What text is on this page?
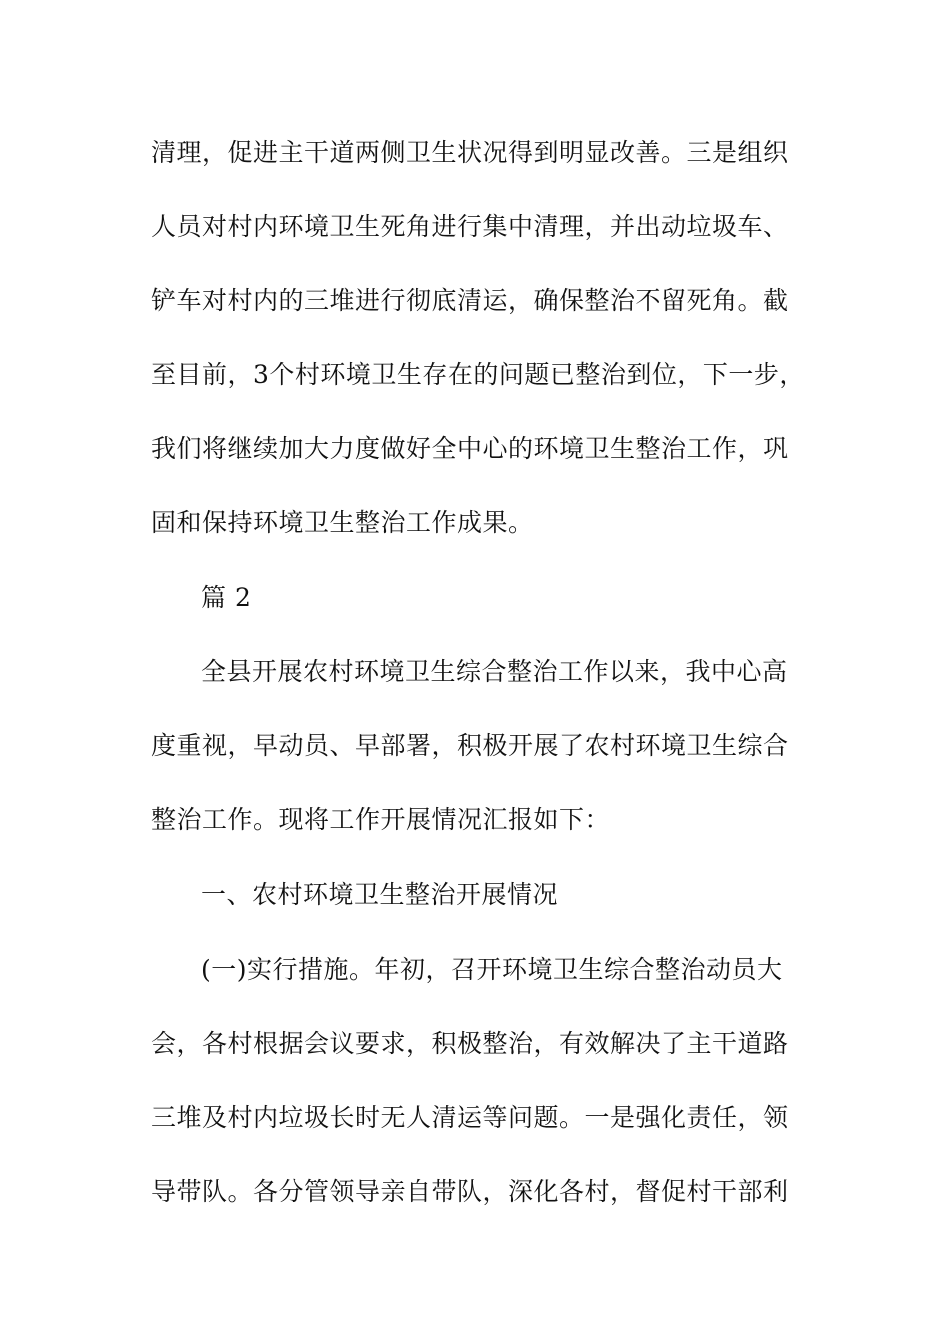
清理，促进主干道两侧卫生状况得到明显改善。三是组织
人员对村内环境卫生死角进行集中清理，并出动垃圾车、
铲车对村内的三堆进行彻底清运，确保整治不留死角。截
至目前，3个村环境卫生存在的问题已整治到位，下一步，
我们将继续加大力度做好全中心的环境卫生整治工作，巩
固和保持环境卫生整治工作成果。
篇 2
全县开展农村环境卫生综合整治工作以来，我中心高
度重视，早动员、早部署，积极开展了农村环境卫生综合
整治工作。现将工作开展情况汇报如下：
一、农村环境卫生整治开展情况
(一)实行措施。年初，召开环境卫生综合整治动员大
会，各村根据会议要求，积极整治，有效解决了主干道路
三堆及村内垃圾长时无人清运等问题。一是强化责任，领
导带队。各分管领导亲自带队，深化各村，督促村干部利
